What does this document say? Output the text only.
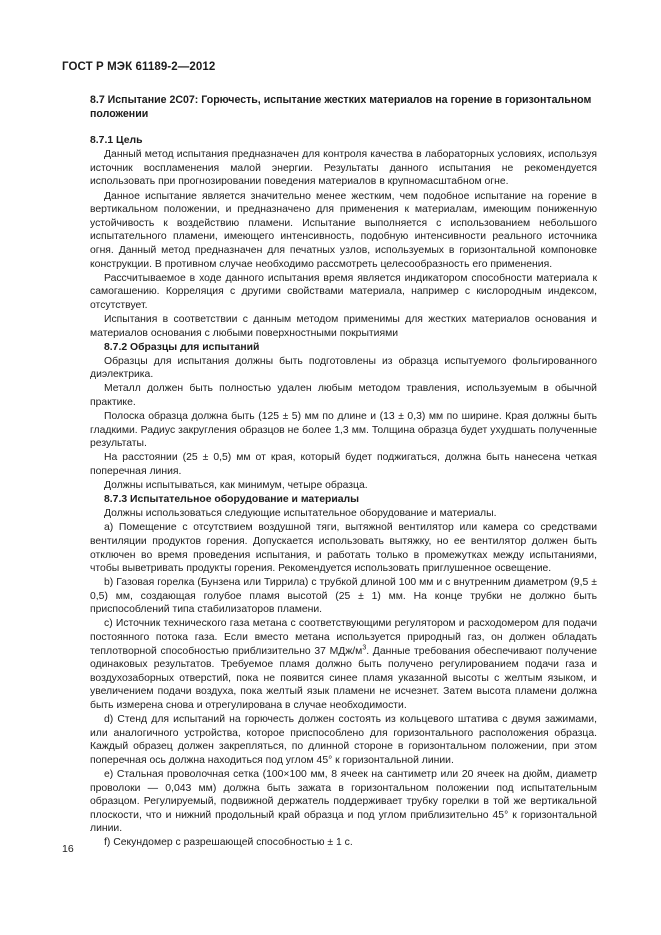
ГОСТ Р МЭК 61189-2—2012
8.7 Испытание 2С07: Горючесть, испытание жестких материалов на горение в горизонтальном положении
8.7.1 Цель
Данный метод испытания предназначен для контроля качества в лабораторных условиях, используя источник воспламенения малой энергии. Результаты данного испытания не рекомендуется использовать при прогнозировании поведения материалов в крупномасштабном огне.
Данное испытание является значительно менее жестким, чем подобное испытание на горение в вертикальном положении, и предназначено для применения к материалам, имеющим пониженную устойчивость к воздействию пламени. Испытание выполняется с использованием небольшого испытательного пламени, имеющего интенсивность, подобную интенсивности реального источника огня. Данный метод предназначен для печатных узлов, используемых в горизонтальной компоновке конструкции. В противном случае необходимо рассмотреть целесообразность его применения.
Рассчитываемое в ходе данного испытания время является индикатором способности материала к самогашению. Корреляция с другими свойствами материала, например с кислородным индексом, отсутствует.
Испытания в соответствии с данным методом применимы для жестких материалов основания и материалов основания с любыми поверхностными покрытиями
8.7.2 Образцы для испытаний
Образцы для испытания должны быть подготовлены из образца испытуемого фольгированного диэлектрика.
Металл должен быть полностью удален любым методом травления, используемым в обычной практике.
Полоска образца должна быть (125 ± 5) мм по длине и (13 ± 0,3) мм по ширине. Края должны быть гладкими. Радиус закругления образцов не более 1,3 мм. Толщина образца будет ухудшать полученные результаты.
На расстоянии (25 ± 0,5) мм от края, который будет поджигаться, должна быть нанесена четкая поперечная линия.
Должны испытываться, как минимум, четыре образца.
8.7.3 Испытательное оборудование и материалы
Должны использоваться следующие испытательное оборудование и материалы.
а) Помещение с отсутствием воздушной тяги, вытяжной вентилятор или камера со средствами вентиляции продуктов горения. Допускается использовать вытяжку, но ее вентилятор должен быть отключен во время проведения испытания, и работать только в промежутках между испытаниями, чтобы выветривать продукты горения. Рекомендуется использовать приглушенное освещение.
b) Газовая горелка (Бунзена или Тиррила) с трубкой длиной 100 мм и с внутренним диаметром (9,5 ± 0,5) мм, создающая голубое пламя высотой (25 ± 1) мм. На конце трубки не должно быть приспособлений типа стабилизаторов пламени.
с) Источник технического газа метана с соответствующими регулятором и расходомером для подачи постоянного потока газа. Если вместо метана используется природный газ, он должен обладать теплотворной способностью приблизительно 37 МДж/$м^3$. Данные требования обеспечивают получение одинаковых результатов. Требуемое пламя должно быть получено регулированием подачи газа и воздухозаборных отверстий, пока не появится синее пламя указанной высоты с желтым языком, и увеличением подачи воздуха, пока желтый язык пламени не исчезнет. Затем высота пламени должна быть измерена снова и отрегулирована в случае необходимости.
d) Стенд для испытаний на горючесть должен состоять из кольцевого штатива с двумя зажимами, или аналогичного устройства, которое приспособлено для горизонтального расположения образца. Каждый образец должен закрепляться, по длинной стороне в горизонтальном положении, при этом поперечная ось должна находиться под углом 45° к горизонтальной линии.
е) Стальная проволочная сетка (100×100 мм, 8 ячеек на сантиметр или 20 ячеек на дюйм, диаметр проволоки — 0,043 мм) должна быть зажата в горизонтальном положении под испытательным образцом. Регулируемый, подвижной держатель поддерживает трубку горелки в той же вертикальной плоскости, что и нижний продольный край образца и под углом приблизительно 45° к горизонтальной линии.
f) Секундомер с разрешающей способностью ± 1 с.
16
